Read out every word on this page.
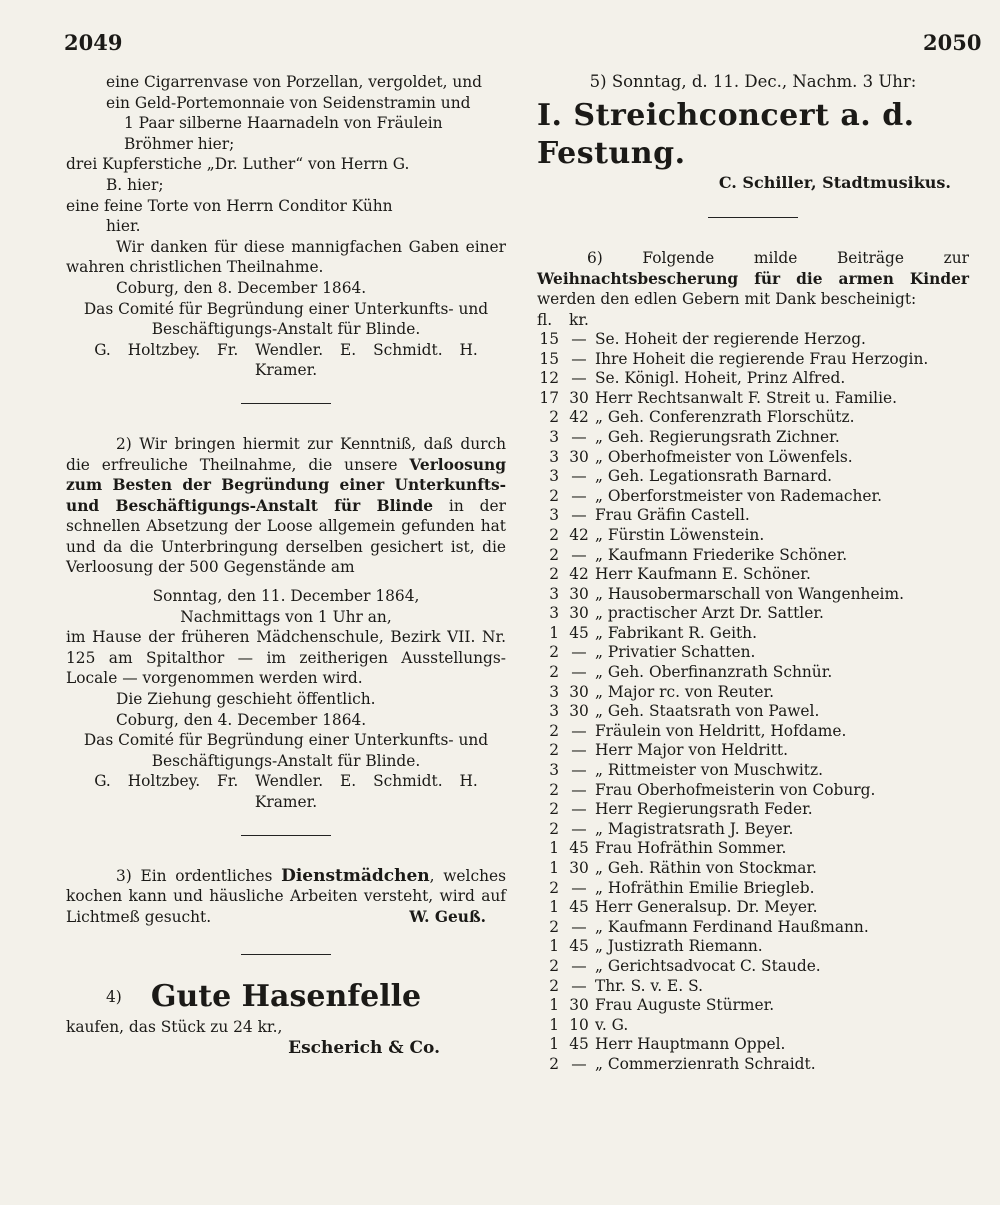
2049	2050

eine Cigarrenvase von Porzellan, vergoldet, und

ein Geld-Portemonnaie von Seidenstramin und

1 Paar silberne Haarnadeln von Fräulein

Bröhmer hier;

drei Kupferstiche „Dr. Luther“ von Herrn G.

B. hier;

eine feine Torte von Herrn Conditor Kühn

hier.

Wir danken für diese mannigfachen Gaben einer wahren christlichen Theilnahme.

Coburg, den 8. December 1864.

Das Comité für Begründung einer Unterkunfts- und Beschäftigungs-Anstalt für Blinde.

G. Holtzbey. Fr. Wendler. E. Schmidt. H. Kramer.

2) Wir bringen hiermit zur Kenntniß, daß durch die erfreuliche Theilnahme, die unsere Verloosung zum Besten der Begründung einer Unterkunfts- und Beschäftigungs-Anstalt für Blinde in der schnellen Absetzung der Loose allgemein gefunden hat und da die Unterbringung derselben gesichert ist, die Verloosung der 500 Gegenstände am

Sonntag, den 11. December 1864,

Nachmittags von 1 Uhr an,

im Hause der früheren Mädchenschule, Bezirk VII. Nr. 125 am Spitalthor — im zeitherigen Ausstellungs-Locale — vorgenommen werden wird.

Die Ziehung geschieht öffentlich.

Coburg, den 4. December 1864.

Das Comité für Begründung einer Unterkunfts- und Beschäftigungs-Anstalt für Blinde.

G. Holtzbey. Fr. Wendler. E. Schmidt. H. Kramer.

3) Ein ordentliches Dienstmädchen, welches kochen kann und häusliche Arbeiten versteht, wird auf Lichtmeß gesucht.	W. Geuß.

4) Gute Hasenfelle

kaufen, das Stück zu 24 kr.,

Escherich & Co.

5) Sonntag, d. 11. Dec., Nachm. 3 Uhr:

I. Streichconcert a. d. Festung.

C. Schiller, Stadtmusikus.

6) Folgende milde Beiträge zur Weihnachtsbescherung für die armen Kinder werden den edlen Gebern mit Dank bescheinigt:

fl.	kr.	
15	—	Se. Hoheit der regierende Herzog.
15	—	Ihre Hoheit die regierende Frau Herzogin.
12	—	Se. Königl. Hoheit, Prinz Alfred.
17	30	Herr Rechtsanwalt F. Streit u. Familie.
2	42	„ Geh. Conferenzrath Florschütz.
3	—	„ Geh. Regierungsrath Zichner.
3	30	„ Oberhofmeister von Löwenfels.
3	—	„ Geh. Legationsrath Barnard.
2	—	„ Oberforstmeister von Rademacher.
3	—	Frau Gräfin Castell.
2	42	„ Fürstin Löwenstein.
2	—	„ Kaufmann Friederike Schöner.
2	42	Herr Kaufmann E. Schöner.
3	30	„ Hausobermarschall von Wangenheim.
3	30	„ practischer Arzt Dr. Sattler.
1	45	„ Fabrikant R. Geith.
2	—	„ Privatier Schatten.
2	—	„ Geh. Oberfinanzrath Schnür.
3	30	„ Major rc. von Reuter.
3	30	„ Geh. Staatsrath von Pawel.
2	—	Fräulein von Heldritt, Hofdame.
2	—	Herr Major von Heldritt.
3	—	„ Rittmeister von Muschwitz.
2	—	Frau Oberhofmeisterin von Coburg.
2	—	Herr Regierungsrath Feder.
2	—	„ Magistratsrath J. Beyer.
1	45	Frau Hofräthin Sommer.
1	30	„ Geh. Räthin von Stockmar.
2	—	„ Hofräthin Emilie Briegleb.
1	45	Herr Generalsup. Dr. Meyer.
2	—	„ Kaufmann Ferdinand Haußmann.
1	45	„ Justizrath Riemann.
2	—	„ Gerichtsadvocat C. Staude.
2	—	Thr. S. v. E. S.
1	30	Frau Auguste Stürmer.
1	10	v. G.
1	45	Herr Hauptmann Oppel.
2	—	„ Commerzienrath Schraidt.
